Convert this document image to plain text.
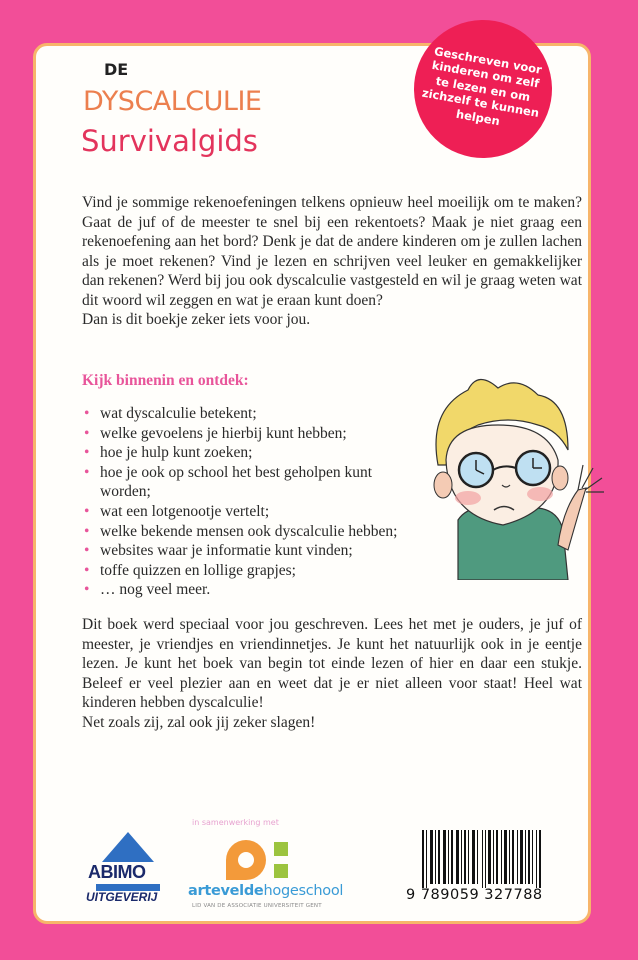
DE
DYSCALCULIE
Survivalgids
Geschreven voor kinderen om zelf te lezen en om zichzelf te kunnen helpen

Vind je sommige rekenoefeningen telkens opnieuw heel moeilijk om te maken? Gaat de juf of de meester te snel bij een rekentoets? Maak je niet graag een rekenoefening aan het bord? Denk je dat de andere kinderen om je zullen lachen als je moet rekenen? Vind je lezen en schrijven veel leuker en gemakkelijker dan rekenen? Werd bij jou ook dyscalculie vastgesteld en wil je graag weten wat dit woord wil zeggen en wat je eraan kunt doen?

Dan is dit boekje zeker iets voor jou.

Kijk binnenin en ontdek:
• wat dyscalculie betekent;
• welke gevoelens je hierbij kunt hebben;
• hoe je hulp kunt zoeken;
• hoe je ook op school het best geholpen kunt worden;
• wat een lotgenootje vertelt;
• welke bekende mensen ook dyscalculie hebben;
• websites waar je informatie kunt vinden;
• toffe quizzen en lollige grapjes;
• … nog veel meer.

Dit boek werd speciaal voor jou geschreven. Lees het met je ouders, je juf of meester, je vriendjes en vriendinnetjes. Je kunt het natuurlijk ook in je eentje lezen. Je kunt het boek van begin tot einde lezen of hier en daar een stukje. Beleef er veel plezier aan en weet dat je er niet alleen voor staat! Heel wat kinderen hebben dyscalculie!

Net zoals zij, zal ook jij zeker slagen!

ABIMO
UITGEVERIJ
in samenwerking met
arteveldehogeschool
LID VAN DE ASSOCIATIE UNIVERSITEIT GENT
9 789059 327788
